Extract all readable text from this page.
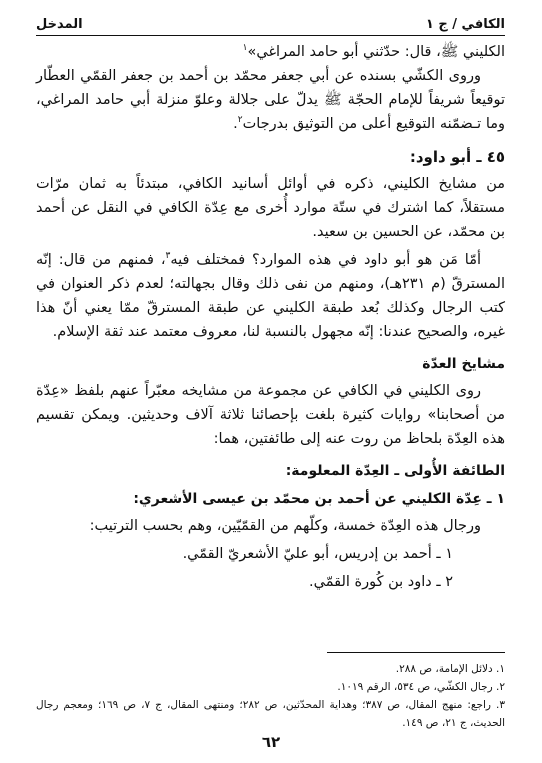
الكافي / ج ١
المدخل

الكليني ﷺ، قال: حدّثني أبو حامد المراغي»$^١$

وروى الكشّي بسنده عن أبي جعفر محمّد بن أحمد بن جعفر القمّي العطّار توقيعاً شريفاً للإمام الحجّة ﷺ يدلّ على جلالة وعلوّ منزلة أبي حامد المراغي، وما تـضمّنه التوقيع أعلى من التوثيق بدرجات$^٢$.

٤٥ ـ أبو داود:

من مشايخ الكليني، ذكره في أوائل أسانيد الكافي، مبتدئاً به ثمان مرّات مستقلاً، كما اشترك في ستّة موارد أُخرى مع عِدّة الكافي في النقل عن أحمد بن محمّد، عن الحسين بن سعيد.

أمّا مَن هو أبو داود في هذه الموارد؟ فمختلف فيه$^٣$، فمنهم من قال: إنّه المسترقّ (م ٢٣١هـ)، ومنهم من نفى ذلك وقال بجهالته؛ لعدم ذكر العنوان في كتب الرجال وكذلك بُعد طبقة الكليني عن طبقة المسترقّ ممّا يعني أنّ هذا غيره، والصحيح عندنا: إنّه مجهول بالنسبة لنا، معروف معتمد عند ثقة الإسلام.

مشايخ العدّة

روى الكليني في الكافي عن مجموعة من مشايخه معبّراً عنهم بلفظ «عِدّة من أصحابنا» روايات كثيرة بلغت بإحصائنا ثلاثة آلاف وحديثين. ويمكن تقسيم هذه العِدّة بلحاظ من روت عنه إلى طائفتين، هما:

الطائفة الأُولى ـ العِدّة المعلومة:

١ ـ عِدّة الكليني عن أحمد بن محمّد بن عيسى الأشعري:

ورجال هذه العِدّة خمسة، وكلّهم من القمّيّين، وهم بحسب الترتيب:

١ ـ أحمد بن إدريس، أبو عليّ الأشعريّ القمّي.

٢ ـ داود بن كُورة القمّي.

١. دلائل الإمامة، ص ٢٨٨.

٢. رجال الكشّي، ص ٥٣٤، الرقم ١٠١٩.

٣. راجع: منهج المقال، ص ٣٨٧؛ وهداية المحدّثين، ص ٢٨٢؛ ومنتهى المقال، ج ٧، ص ١٦٩؛ ومعجم رجال الحديث، ج ٢١، ص ١٤٩.

٦٢
